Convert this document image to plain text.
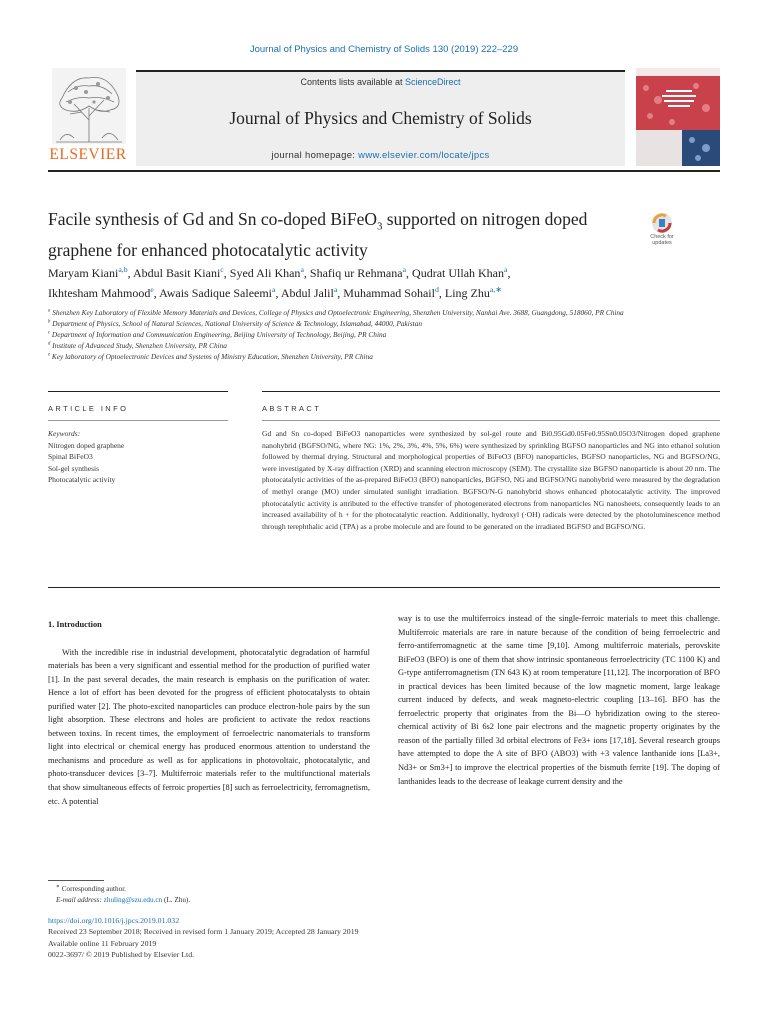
Journal of Physics and Chemistry of Solids 130 (2019) 222–229
ELSEVIER
Contents lists available at ScienceDirect
Journal of Physics and Chemistry of Solids
journal homepage: www.elsevier.com/locate/jpcs
Facile synthesis of Gd and Sn co-doped BiFeO$_3$ supported on nitrogen doped
graphene for enhanced photocatalytic activity
Check for
updates
Maryam Kiani$^{a,b}$, Abdul Basit Kiani$^c$, Syed Ali Khan$^a$, Shafiq ur Rehmana$^a$, Qudrat Ullah Khan$^a$,
Ikhtesham Mahmood$^e$, Awais Sadique Saleemi$^a$, Abdul Jalil$^a$, Muhammad Sohail$^d$, Ling Zhu$^{a,∗}$
$^a$ Shenzhen Key Laboratory of Flexible Memory Materials and Devices, College of Physics and Optoelectronic Engineering, Shenzhen University, Nanhai Ave. 3688, Guangdong, 518060, PR China
$^b$ Department of Physics, School of Natural Sciences, National University of Science & Technology, Islamabad, 44000, Pakistan
$^c$ Department of Information and Communication Engineering, Beijing University of Technology, Beijing, PR China
$^d$ Institute of Advanced Study, Shenzhen University, PR China
$^e$ Key laboratory of Optoelectronic Devices and Systems of Ministry Education, Shenzhen University, PR China
ARTICLE INFO	ABSTRACT
Keywords:
Nitrogen doped graphene
Spinal BiFeO3
Sol-gel synthesis
Photocatalytic activity
Gd and Sn co-doped BiFeO3 nanoparticles were synthesized by sol-gel route and Bi0.95Gd0.05Fe0.95Sn0.05O3/Nitrogen doped graphene nanohybrid (BGFSO/NG, where NG: 1%, 2%, 3%, 4%, 5%, 6%) were synthesized by sprinkling BGFSO nanoparticles and NG into ethanol solution followed by thermal drying. Structural and morphological properties of BiFeO3 (BFO) nanoparticles, BGFSO nanoparticles, NG and BGFSO/NG, were investigated by X-ray diffraction (XRD) and scanning electron microscopy (SEM). The crystallite size BGFSO nanoparticle is about 20 nm. The photocatalytic activities of the as-prepared BiFeO3 (BFO) nanoparticles, BGFSO, NG and BGFSO/NG nanohybrid were measured by the degradation of methyl orange (MO) under simulated sunlight irradiation. BGFSO/N-G nanohybrid shows enhanced photocatalytic activity. The improved photocatalytic activity is attributed to the effective transfer of photogenerated electrons from nanoparticles NG nanosheets, consequently leads to an increased availability of h + for the photocatalytic reaction. Additionally, hydroxyl (·OH) radicals were detected by the photoluminescence method through terephthalic acid (TPA) as a probe molecule and are found to be generated on the irradiated BGFSO and BGFSO/NG.
1. Introduction

With the incredible rise in industrial development, photocatalytic degradation of harmful materials has been a very significant and essential method for the production of purified water [1]. In the past several decades, the main research is emphasis on the purification of water. Hence a lot of effort has been devoted for the progress of efficient photocatalysts to obtain purified water [2]. The photo-excited nanoparticles can produce electron-hole pairs by the sun light absorption. These electrons and holes are proficient to activate the redox reactions between toxins. In recent times, the employment of ferroelectric nanomaterials to transform light into electrical or chemical energy has produced enormous attention to understand the mechanisms and procedure as well as for applications in photovoltaic, photocatalytic, and photo-transducer devices [3–7]. Multiferroic materials refer to the multifunctional materials that show simultaneous effects of ferroic properties [8] such as ferroelectricity, ferromagnetism, etc. A potential

way is to use the multiferroics instead of the single-ferroic materials to meet this challenge. Multiferroic materials are rare in nature because of the condition of being ferroelectric and ferro-antiferromagnetic at the same time [9,10]. Among multiferroic materials, perovskite BiFeO3 (BFO) is one of them that show intrinsic spontaneous ferroelectricity (TC 1100 K) and G-type antiferromagnetism (TN 643 K) at room temperature [11,12]. The incorporation of BFO in practical devices has been limited because of the low magnetic moment, large leakage current induced by defects, and weak magneto-electric coupling [13–16]. BFO has the ferroelectric property that originates from the Bi—O hybridization owing to the stereo-chemical activity of Bi 6s2 lone pair electrons and the magnetic property originates by the reason of the partially filled 3d orbital electrons of Fe3+ ions [17,18]. Several research groups have attempted to dope the A site of BFO (ABO3) with +3 valence lanthanide ions [La3+, Nd3+ or Sm3+] to improve the electrical properties of the bismuth ferrite [19]. The doping of lanthanides leads to the decrease of leakage current density and the

∗ Corresponding author.
E-mail address: zhuling@szu.edu.cn (L. Zhu).
https://doi.org/10.1016/j.jpcs.2019.01.032
Received 23 September 2018; Received in revised form 1 January 2019; Accepted 28 January 2019
Available online 11 February 2019
0022-3697/ © 2019 Published by Elsevier Ltd.
